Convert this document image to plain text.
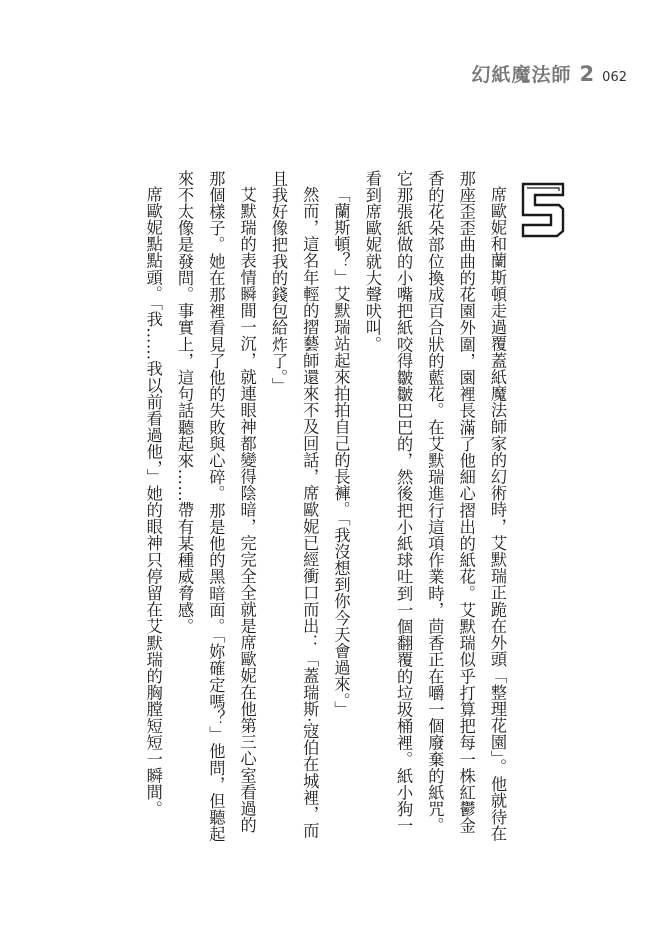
幻紙魔法師 2 062

席歐妮和蘭斯頓走過覆蓋紙魔法師家的幻術時，艾默瑞正跪在外頭「整理花園」。他就待在那座歪歪曲曲的花園外圍，園裡長滿了他細心摺出的紙花。艾默瑞似乎打算把每一株紅鬱金香的花朵部位換成百合狀的藍花。在艾默瑞進行這項作業時，茴香正在嚼一個廢棄的紙咒。它那張紙做的小嘴把紙咬得皺皺巴巴的，然後把小紙球吐到一個翻覆的垃圾桶裡。紙小狗一看到席歐妮就大聲吠叫。

「蘭斯頓？」艾默瑞站起來拍拍自己的長褲。「我沒想到你今天會過來。」

然而，這名年輕的摺藝師還來不及回話，席歐妮已經衝口而出：「蓋瑞斯·寇伯在城裡，而且我好像把我的錢包給炸了。」

艾默瑞的表情瞬間一沉，就連眼神都變得陰暗，完完全全就是席歐妮在他第三心室看過的那個樣子。她在那裡看見了他的失敗與心碎。那是他的黑暗面。「妳確定嗎？」他問，但聽起來不太像是發問。事實上，這句話聽起來……帶有某種威脅感。

席歐妮點點頭。「我……我以前看過他，」她的眼神只停留在艾默瑞的胸膛短短一瞬間。
